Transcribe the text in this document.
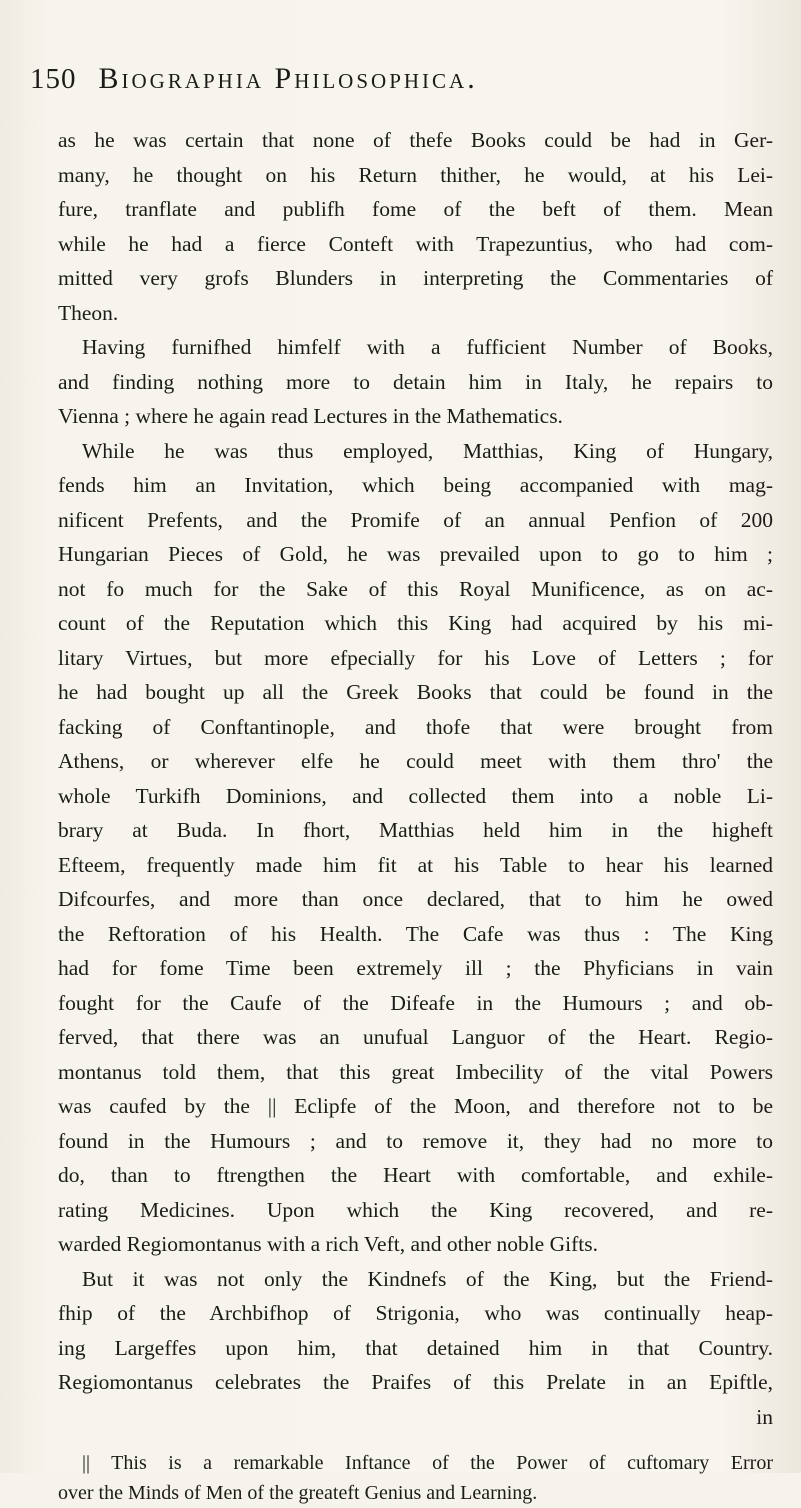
150 Biographia Philosophica.
as he was certain that none of thefe Books could be had in Ger-
many, he thought on his Return thither, he would, at his Lei-
fure, tranflate and publifh fome of the beft of them. Mean
while he had a fierce Conteft with Trapezuntius, who had com-
mitted very grofs Blunders in interpreting the Commentaries of
Theon.
Having furnifhed himfelf with a fufficient Number of Books,
and finding nothing more to detain him in Italy, he repairs to
Vienna ; where he again read Lectures in the Mathematics.
While he was thus employed, Matthias, King of Hungary,
fends him an Invitation, which being accompanied with mag-
nificent Prefents, and the Promife of an annual Penfion of 200
Hungarian Pieces of Gold, he was prevailed upon to go to him ;
not fo much for the Sake of this Royal Munificence, as on ac-
count of the Reputation which this King had acquired by his mi-
litary Virtues, but more efpecially for his Love of Letters ; for
he had bought up all the Greek Books that could be found in the
facking of Conftantinople, and thofe that were brought from
Athens, or wherever elfe he could meet with them thro' the
whole Turkifh Dominions, and collected them into a noble Li-
brary at Buda. In fhort, Matthias held him in the higheft
Efteem, frequently made him fit at his Table to hear his learned
Difcourfes, and more than once declared, that to him he owed
the Reftoration of his Health. The Cafe was thus : The King
had for fome Time been extremely ill ; the Phyficians in vain
fought for the Caufe of the Difeafe in the Humours ; and ob-
ferved, that there was an unufual Languor of the Heart. Regio-
montanus told them, that this great Imbecility of the vital Powers
was caufed by the || Eclipfe of the Moon, and therefore not to be
found in the Humours ; and to remove it, they had no more to
do, than to ftrengthen the Heart with comfortable, and exhile-
rating Medicines. Upon which the King recovered, and re-
warded Regiomontanus with a rich Veft, and other noble Gifts.
But it was not only the Kindnefs of the King, but the Friend-
fhip of the Archbifhop of Strigonia, who was continually heap-
ing Largeffes upon him, that detained him in that Country.
Regiomontanus celebrates the Praifes of this Prelate in an Epiftle,
in
|| This is a remarkable Inftance of the Power of cuftomary Error
over the Minds of Men of the greateft Genius and Learning.
